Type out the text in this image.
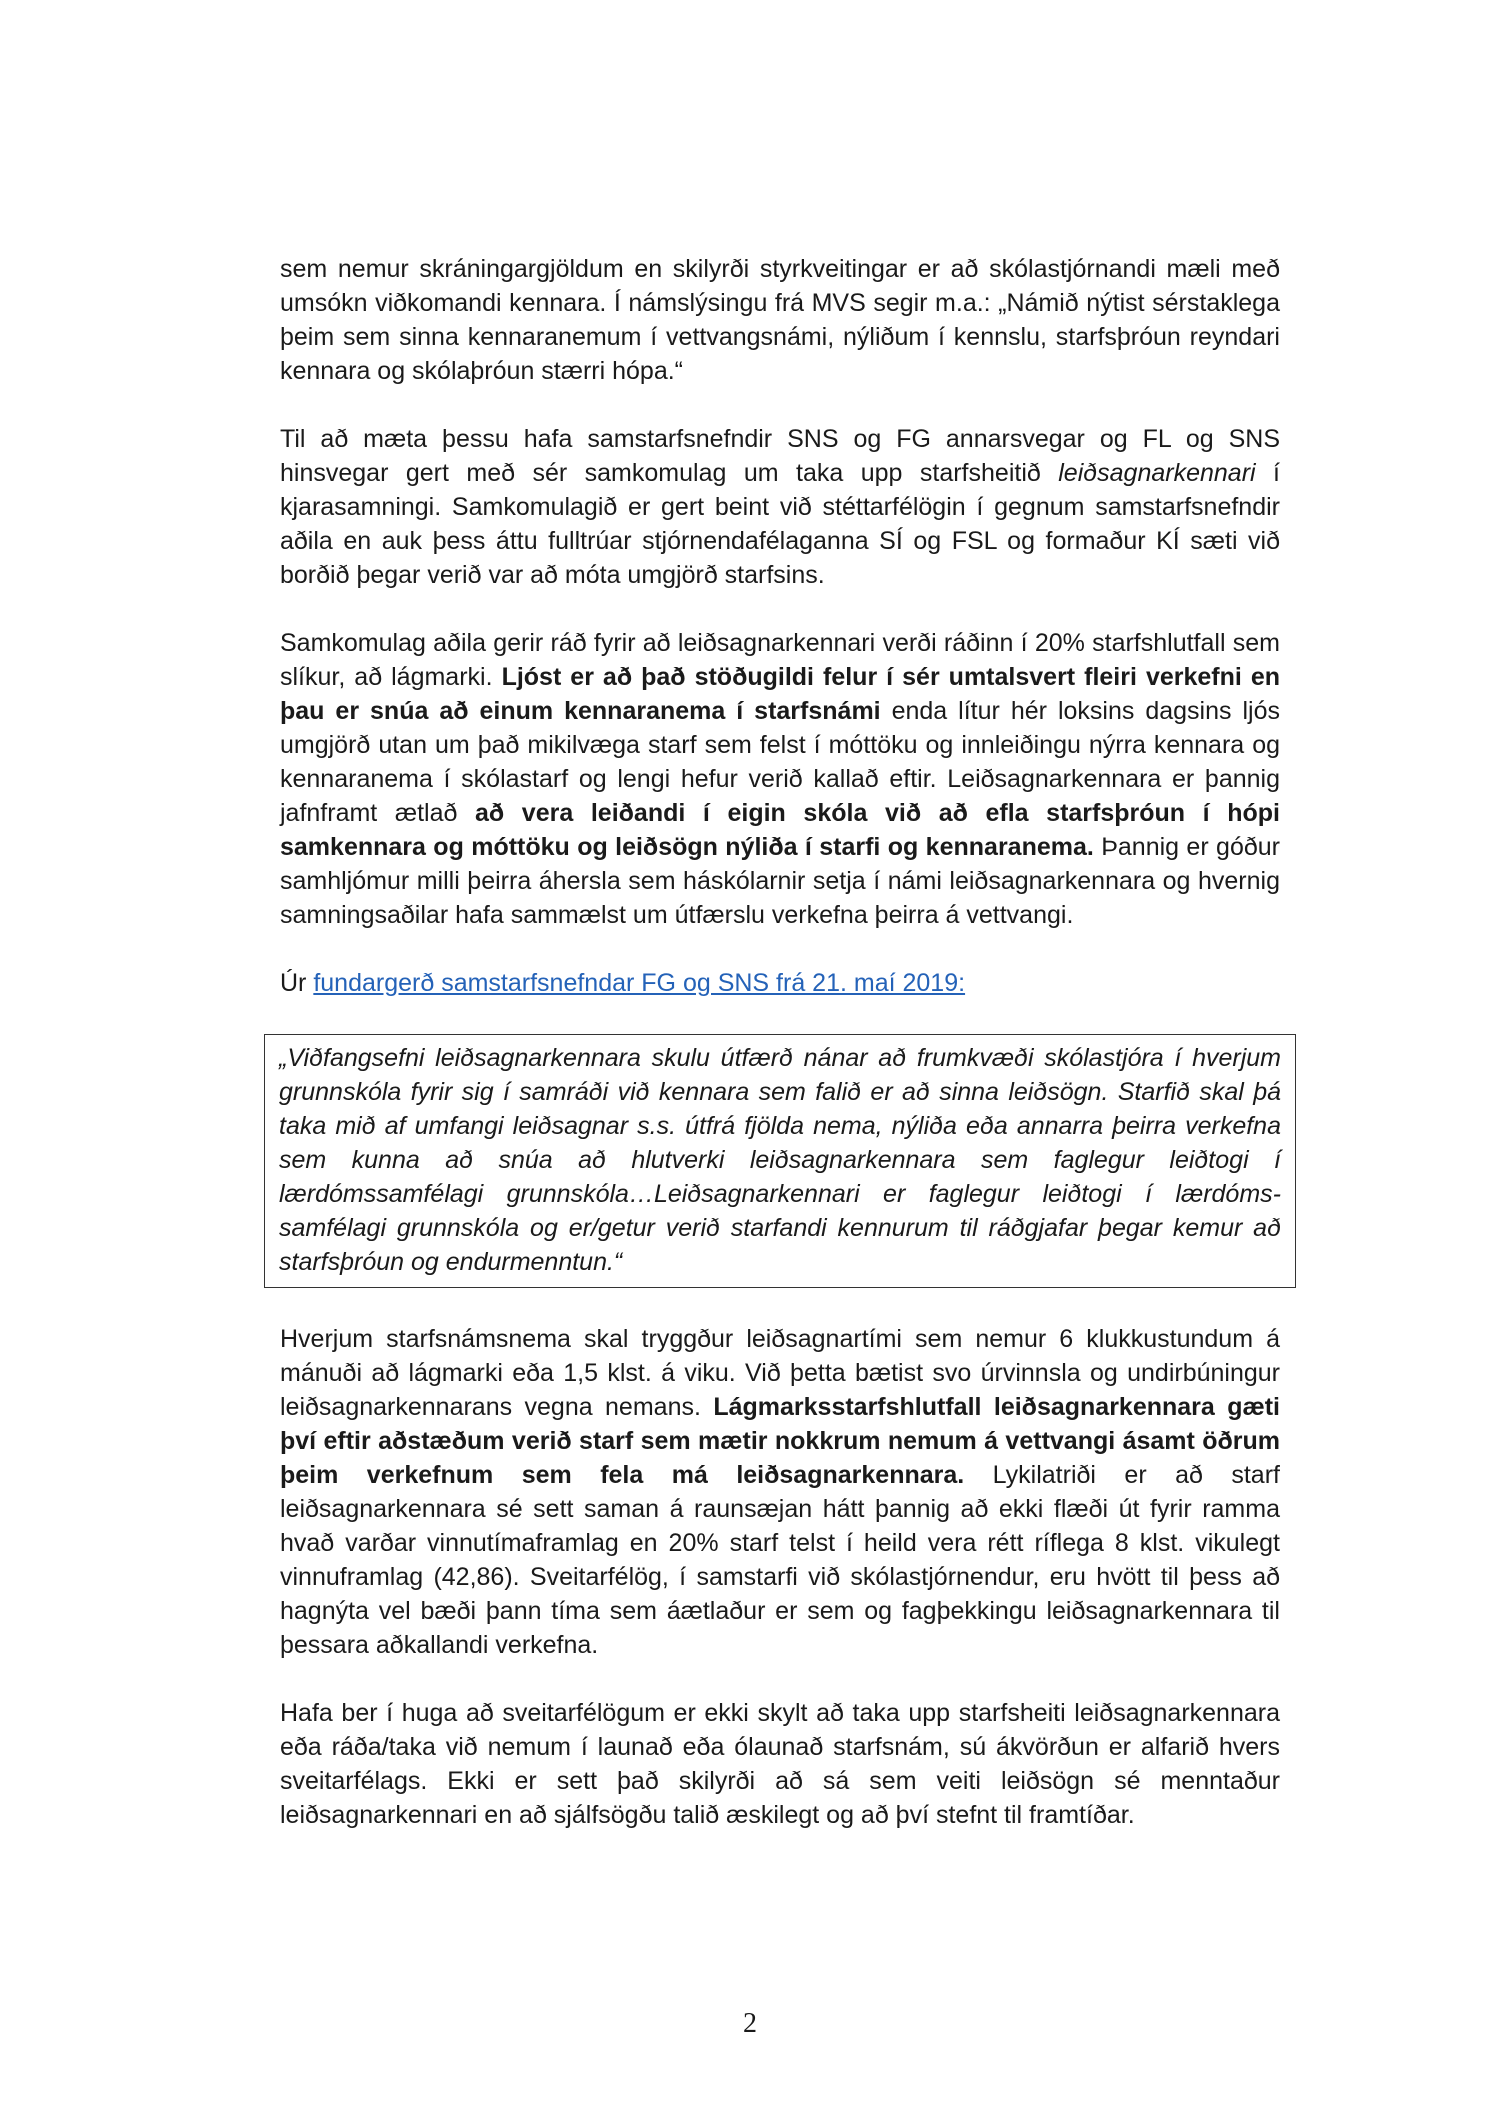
sem nemur skráningargjöldum en skilyrði styrkveitingar er að skólastjórnandi mæli með umsókn viðkomandi kennara. Í námslýsingu frá MVS segir m.a.: „Námið nýtist sérstaklega þeim sem sinna kennaranemum í vettvangsnámi, nýliðum í kennslu, starfsþróun reyndari kennara og skólaþróun stærri hópa.“

Til að mæta þessu hafa samstarfsnefndir SNS og FG annarsvegar og FL og SNS hinsvegar gert með sér samkomulag um taka upp starfsheitið leiðsagnarkennari í kjarasamningi. Samkomulagið er gert beint við stéttarfélögin í gegnum samstarfsnefndir aðila en auk þess áttu fulltrúar stjórnendafélaganna SÍ og FSL og formaður KÍ sæti við borðið þegar verið var að móta umgjörð starfsins.

Samkomulag aðila gerir ráð fyrir að leiðsagnarkennari verði ráðinn í 20% starfshlutfall sem slíkur, að lágmarki. Ljóst er að það stöðugildi felur í sér umtalsvert fleiri verkefni en þau er snúa að einum kennaranema í starfsnámi enda lítur hér loksins dagsins ljós umgjörð utan um það mikilvæga starf sem felst í móttöku og innleiðingu nýrra kennara og kennaranema í skólastarf og lengi hefur verið kallað eftir. Leiðsagnarkennara er þannig jafnframt ætlað að vera leiðandi í eigin skóla við að efla starfsþróun í hópi samkennara og móttöku og leiðsögn nýliða í starfi og kennaranema. Þannig er góður samhljómur milli þeirra áhersla sem háskólarnir setja í námi leiðsagnarkennara og hvernig samningsaðilar hafa sammælst um útfærslu verkefna þeirra á vettvangi.

Úr fundargerð samstarfsnefndar FG og SNS frá 21. maí 2019:

„Viðfangsefni leiðsagnarkennara skulu útfærð nánar að frumkvæði skólastjóra í hverjum grunnskóla fyrir sig í samráði við kennara sem falið er að sinna leiðsögn. Starfið skal þá taka mið af umfangi leiðsagnar s.s. útfrá fjölda nema, nýliða eða annarra þeirra verkefna sem kunna að snúa að hlutverki leiðsagnarkennara sem faglegur leiðtogi í lærdómssamfélagi grunnskóla…Leiðsagnarkennari er faglegur leiðtogi í lærdóms-samfélagi grunnskóla og er/getur verið starfandi kennurum til ráðgjafar þegar kemur að starfsþróun og endurmenntun.“

Hverjum starfsnámsnema skal tryggður leiðsagnartími sem nemur 6 klukkustundum á mánuði að lágmarki eða 1,5 klst. á viku. Við þetta bætist svo úrvinnsla og undirbúningur leiðsagnarkennarans vegna nemans. Lágmarksstarfshlutfall leiðsagnarkennara gæti því eftir aðstæðum verið starf sem mætir nokkrum nemum á vettvangi ásamt öðrum þeim verkefnum sem fela má leiðsagnarkennara. Lykilatriði er að starf leiðsagnarkennara sé sett saman á raunsæjan hátt þannig að ekki flæði út fyrir ramma hvað varðar vinnutímaframlag en 20% starf telst í heild vera rétt ríflega 8 klst. vikulegt vinnuframlag (42,86). Sveitarfélög, í samstarfi við skólastjórnendur, eru hvött til þess að hagnýta vel bæði þann tíma sem áætlaður er sem og fagþekkingu leiðsagnarkennara til þessara aðkallandi verkefna.

Hafa ber í huga að sveitarfélögum er ekki skylt að taka upp starfsheiti leiðsagnarkennara eða ráða/taka við nemum í launað eða ólaunað starfsnám, sú ákvörðun er alfarið hvers sveitarfélags. Ekki er sett það skilyrði að sá sem veiti leiðsögn sé menntaður leiðsagnarkennari en að sjálfsögðu talið æskilegt og að því stefnt til framtíðar.

2
